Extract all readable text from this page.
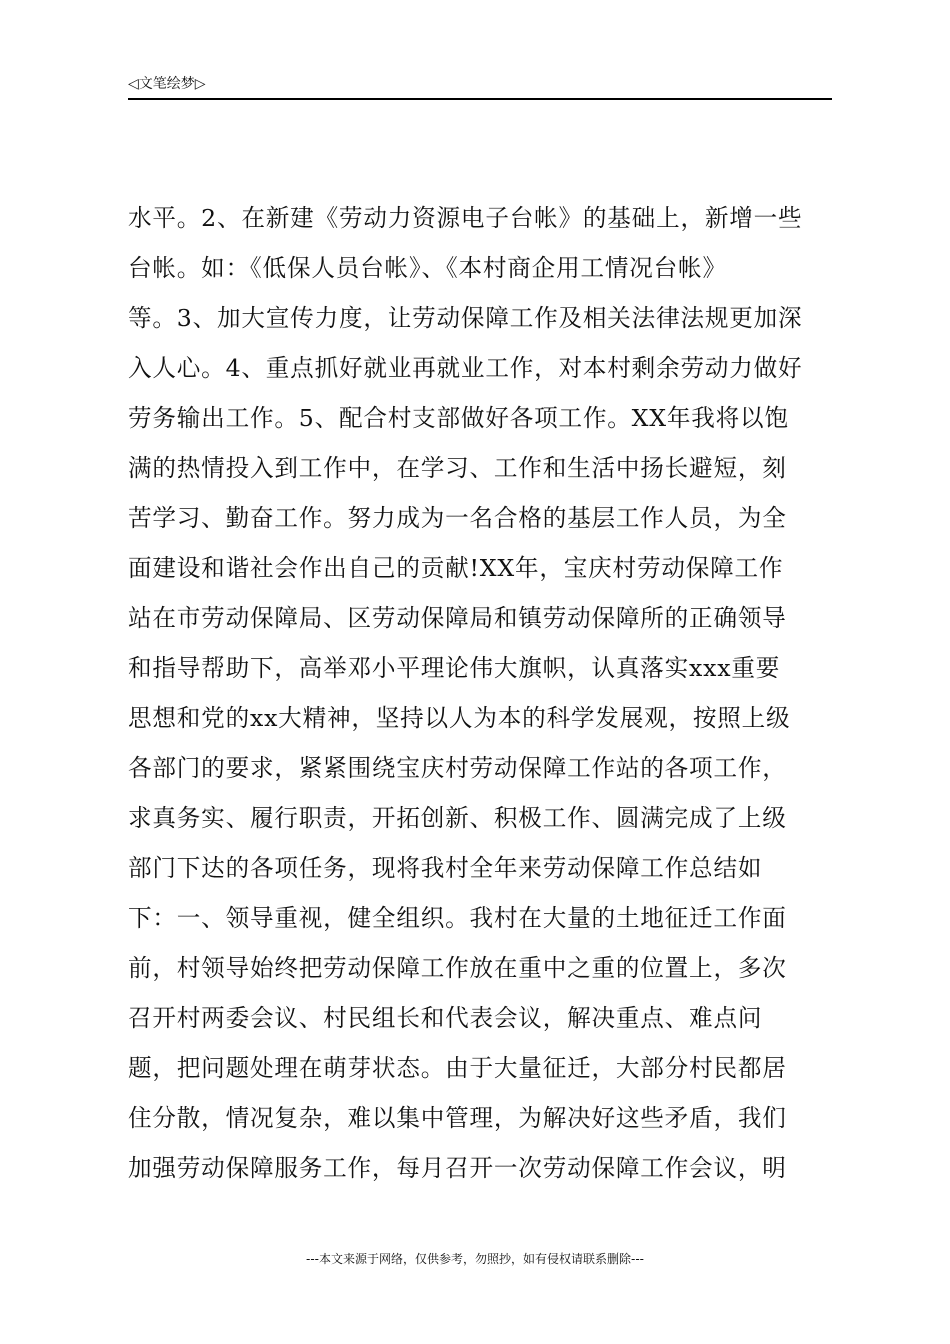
◁文笔绘梦▷
水平。2、在新建《劳动力资源电子台帐》的基础上，新增一些
台帐。如：《低保人员台帐》、《本村商企用工情况台帐》
等。3、加大宣传力度，让劳动保障工作及相关法律法规更加深
入人心。4、重点抓好就业再就业工作，对本村剩余劳动力做好
劳务输出工作。5、配合村支部做好各项工作。XX年我将以饱
满的热情投入到工作中，在学习、工作和生活中扬长避短，刻
苦学习、勤奋工作。努力成为一名合格的基层工作人员，为全
面建设和谐社会作出自己的贡献!XX年，宝庆村劳动保障工作
站在市劳动保障局、区劳动保障局和镇劳动保障所的正确领导
和指导帮助下，高举邓小平理论伟大旗帜，认真落实xxx重要
思想和党的xx大精神，坚持以人为本的科学发展观，按照上级
各部门的要求，紧紧围绕宝庆村劳动保障工作站的各项工作，
求真务实、履行职责，开拓创新、积极工作、圆满完成了上级
部门下达的各项任务，现将我村全年来劳动保障工作总结如
下：一、领导重视，健全组织。我村在大量的土地征迁工作面
前，村领导始终把劳动保障工作放在重中之重的位置上，多次
召开村两委会议、村民组长和代表会议，解决重点、难点问
题，把问题处理在萌芽状态。由于大量征迁，大部分村民都居
住分散，情况复杂，难以集中管理，为解决好这些矛盾，我们
加强劳动保障服务工作，每月召开一次劳动保障工作会议，明
---本文来源于网络，仅供参考，勿照抄，如有侵权请联系删除---
